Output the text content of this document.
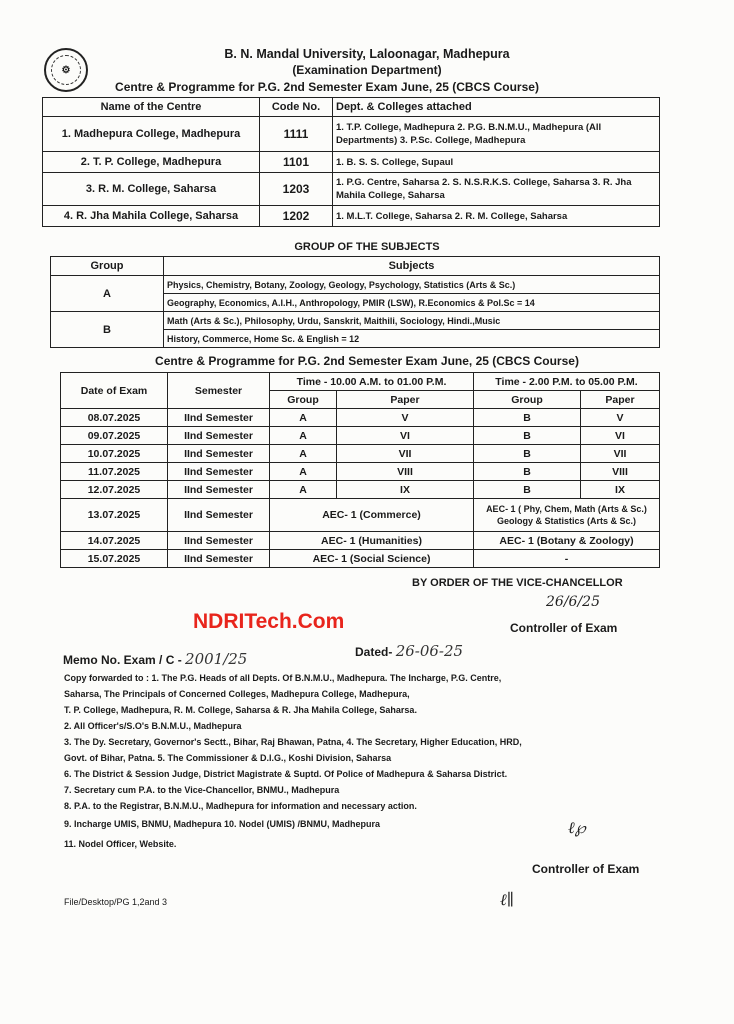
⚙
B. N. Mandal University, Laloonagar, Madhepura
(Examination Department)
Centre & Programme for P.G. 2nd Semester Exam June, 25 (CBCS Course)
Name of the Centre	Code No.	Dept. & Colleges attached
1. Madhepura College, Madhepura	1111	1. T.P. College, Madhepura 2. P.G. B.N.M.U., Madhepura (All Departments) 3. P.Sc. College, Madhepura
2. T. P. College, Madhepura	1101	1. B. S. S. College, Supaul
3. R. M. College, Saharsa	1203	1. P.G. Centre, Saharsa 2. S. N.S.R.K.S. College, Saharsa 3. R. Jha Mahila College, Saharsa
4. R. Jha Mahila College, Saharsa	1202	1. M.L.T. College, Saharsa 2. R. M. College, Saharsa
GROUP OF THE SUBJECTS
Group	Subjects
A	Physics, Chemistry, Botany, Zoology, Geology, Psychology, Statistics (Arts & Sc.)
	Geography, Economics, A.I.H., Anthropology, PMIR (LSW), R.Economics & Pol.Sc = 14
B	Math (Arts & Sc.), Philosophy, Urdu, Sanskrit, Maithili, Sociology, Hindi.,Music
	History, Commerce, Home Sc. & English = 12
Centre & Programme for P.G. 2nd Semester Exam June, 25 (CBCS Course)
Date of Exam	Semester	Time - 10.00 A.M. to 01.00 P.M.		Time - 2.00 P.M. to 05.00 P.M.	
		Group	Paper	Group	Paper
08.07.2025	IInd Semester	A	V	B	V
09.07.2025	IInd Semester	A	VI	B	VI
10.07.2025	IInd Semester	A	VII	B	VII
11.07.2025	IInd Semester	A	VIII	B	VIII
12.07.2025	IInd Semester	A	IX	B	IX
13.07.2025	IInd Semester	AEC- 1 (Commerce)		AEC- 1 ( Phy, Chem, Math (Arts & Sc.) Geology & Statistics (Arts & Sc.)	
14.07.2025	IInd Semester	AEC- 1 (Humanities)		AEC- 1 (Botany & Zoology)	
15.07.2025	IInd Semester	AEC- 1 (Social Science)		-	
BY ORDER OF THE VICE-CHANCELLOR
26/6/25
Controller of Exam
NDRITech.Com
Memo No. Exam / C - 2001/25	Dated- 26-06-25
Copy forwarded to : 1. The P.G. Heads of all Depts. Of B.N.M.U., Madhepura. The Incharge, P.G. Centre,
Saharsa, The Principals of Concerned Colleges, Madhepura College, Madhepura,
T. P. College, Madhepura, R. M. College, Saharsa & R. Jha Mahila College, Saharsa.
2. All Officer's/S.O's B.N.M.U., Madhepura
3. The Dy. Secretary, Governor's Sectt., Bihar, Raj Bhawan, Patna, 4. The Secretary, Higher Education, HRD,
Govt. of Bihar, Patna. 5. The Commissioner & D.I.G., Koshi Division, Saharsa
6. The District & Session Judge, District Magistrate & Suptd. Of Police of Madhepura & Saharsa District.
7. Secretary cum P.A. to the Vice-Chancellor, BNMU., Madhepura
8. P.A. to the Registrar, B.N.M.U., Madhepura for information and necessary action.
9. Incharge UMIS, BNMU, Madhepura 10. Nodel (UMIS) /BNMU, Madhepura
11. Nodel Officer, Website.
ℓ℘
Controller of Exam
ℓ∥
File/Desktop/PG 1,2and 3
